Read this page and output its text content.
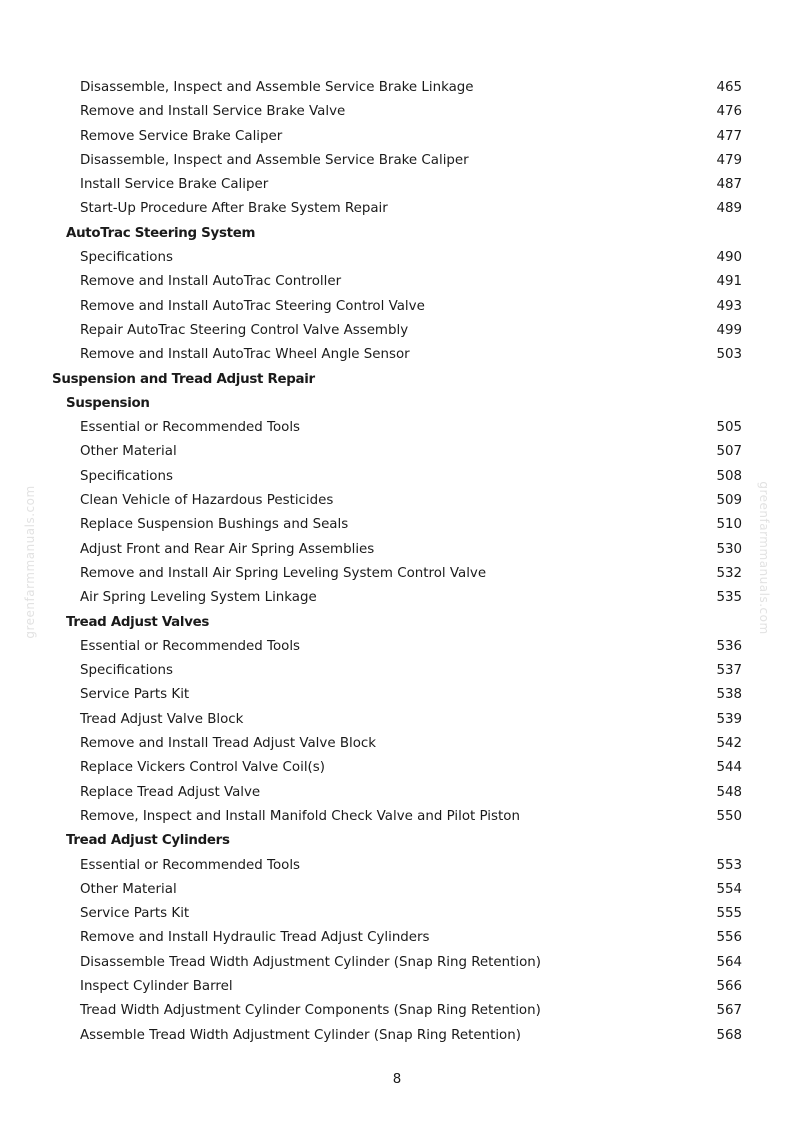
greenfarmmanuals.com	greenfarmmanuals.com
Disassemble, Inspect and Assemble Service Brake Linkage	465
Remove and Install Service Brake Valve	476
Remove Service Brake Caliper	477
Disassemble, Inspect and Assemble Service Brake Caliper	479
Install Service Brake Caliper	487
Start-Up Procedure After Brake System Repair	489
AutoTrac Steering System
Specifications	490
Remove and Install AutoTrac Controller	491
Remove and Install AutoTrac Steering Control Valve	493
Repair AutoTrac Steering Control Valve Assembly	499
Remove and Install AutoTrac Wheel Angle Sensor	503
Suspension and Tread Adjust Repair
Suspension
Essential or Recommended Tools	505
Other Material	507
Specifications	508
Clean Vehicle of Hazardous Pesticides	509
Replace Suspension Bushings and Seals	510
Adjust Front and Rear Air Spring Assemblies	530
Remove and Install Air Spring Leveling System Control Valve	532
Air Spring Leveling System Linkage	535
Tread Adjust Valves
Essential or Recommended Tools	536
Specifications	537
Service Parts Kit	538
Tread Adjust Valve Block	539
Remove and Install Tread Adjust Valve Block	542
Replace Vickers Control Valve Coil(s)	544
Replace Tread Adjust Valve	548
Remove, Inspect and Install Manifold Check Valve and Pilot Piston	550
Tread Adjust Cylinders
Essential or Recommended Tools	553
Other Material	554
Service Parts Kit	555
Remove and Install Hydraulic Tread Adjust Cylinders	556
Disassemble Tread Width Adjustment Cylinder (Snap Ring Retention)	564
Inspect Cylinder Barrel	566
Tread Width Adjustment Cylinder Components (Snap Ring Retention)	567
Assemble Tread Width Adjustment Cylinder (Snap Ring Retention)	568
8
